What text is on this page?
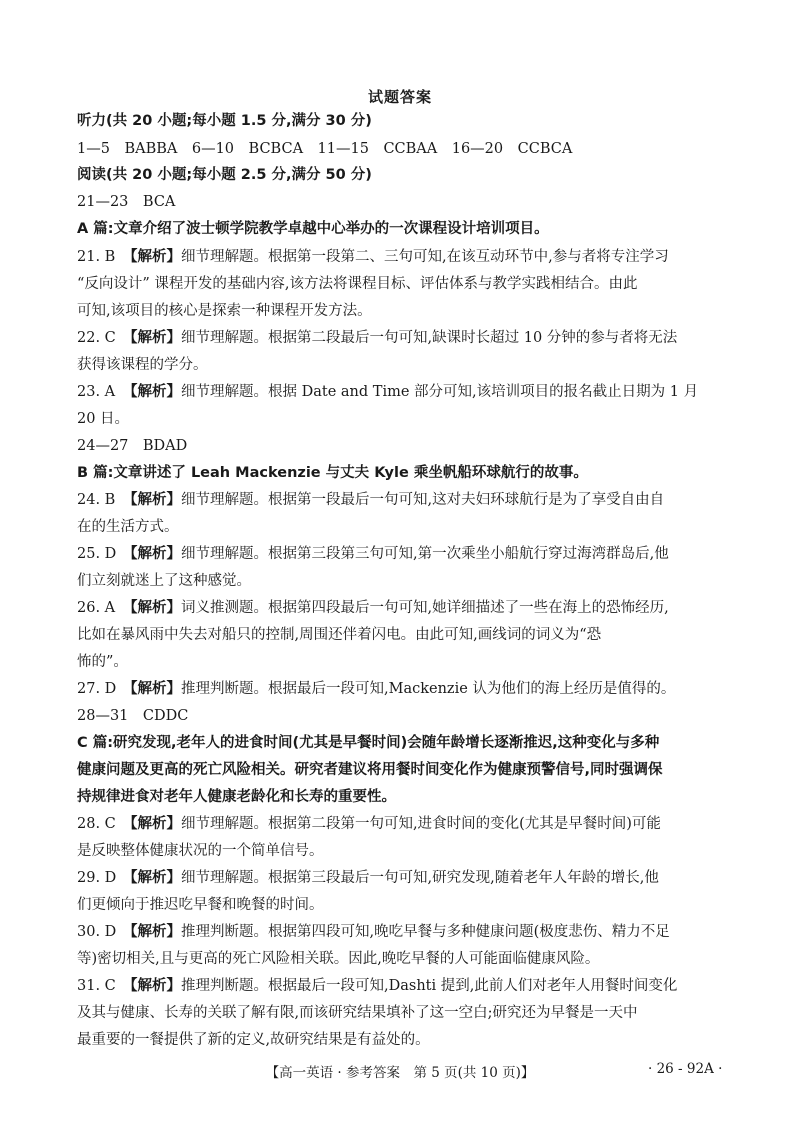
试题答案
听力(共 20 小题;每小题 1.5 分,满分 30 分)
1—5　BABBA　6—10　BCBCA　11—15　CCBAA　16—20　CCBCA
阅读(共 20 小题;每小题 2.5 分,满分 50 分)
21—23　BCA
A 篇:文章介绍了波士顿学院教学卓越中心举办的一次课程设计培训项目。
21. B 【解析】细节理解题。根据第一段第二、三句可知,在该互动环节中,参与者将专注学习
“反向设计” 课程开发的基础内容,该方法将课程目标、评估体系与教学实践相结合。由此
可知,该项目的核心是探索一种课程开发方法。
22. C 【解析】细节理解题。根据第二段最后一句可知,缺课时长超过 10 分钟的参与者将无法
获得该课程的学分。
23. A 【解析】细节理解题。根据 Date and Time 部分可知,该培训项目的报名截止日期为 1 月
20 日。
24—27　BDAD
B 篇:文章讲述了 Leah Mackenzie 与丈夫 Kyle 乘坐帆船环球航行的故事。
24. B 【解析】细节理解题。根据第一段最后一句可知,这对夫妇环球航行是为了享受自由自
在的生活方式。
25. D 【解析】细节理解题。根据第三段第三句可知,第一次乘坐小船航行穿过海湾群岛后,他
们立刻就迷上了这种感觉。
26. A 【解析】词义推测题。根据第四段最后一句可知,她详细描述了一些在海上的恐怖经历,
比如在暴风雨中失去对船只的控制,周围还伴着闪电。由此可知,画线词的词义为“恐
怖的”。
27. D 【解析】推理判断题。根据最后一段可知,Mackenzie 认为他们的海上经历是值得的。
28—31　CDDC
C 篇:研究发现,老年人的进食时间(尤其是早餐时间)会随年龄增长逐渐推迟,这种变化与多种
健康问题及更高的死亡风险相关。研究者建议将用餐时间变化作为健康预警信号,同时强调保
持规律进食对老年人健康老龄化和长寿的重要性。
28. C 【解析】细节理解题。根据第二段第一句可知,进食时间的变化(尤其是早餐时间)可能
是反映整体健康状况的一个简单信号。
29. D 【解析】细节理解题。根据第三段最后一句可知,研究发现,随着老年人年龄的增长,他
们更倾向于推迟吃早餐和晚餐的时间。
30. D 【解析】推理判断题。根据第四段可知,晚吃早餐与多种健康问题(极度悲伤、精力不足
等)密切相关,且与更高的死亡风险相关联。因此,晚吃早餐的人可能面临健康风险。
31. C 【解析】推理判断题。根据最后一段可知,Dashti 提到,此前人们对老年人用餐时间变化
及其与健康、长寿的关联了解有限,而该研究结果填补了这一空白;研究还为早餐是一天中
最重要的一餐提供了新的定义,故研究结果是有益处的。
【高一英语 · 参考答案　第 5 页(共 10 页)】	· 26 - 92A ·
